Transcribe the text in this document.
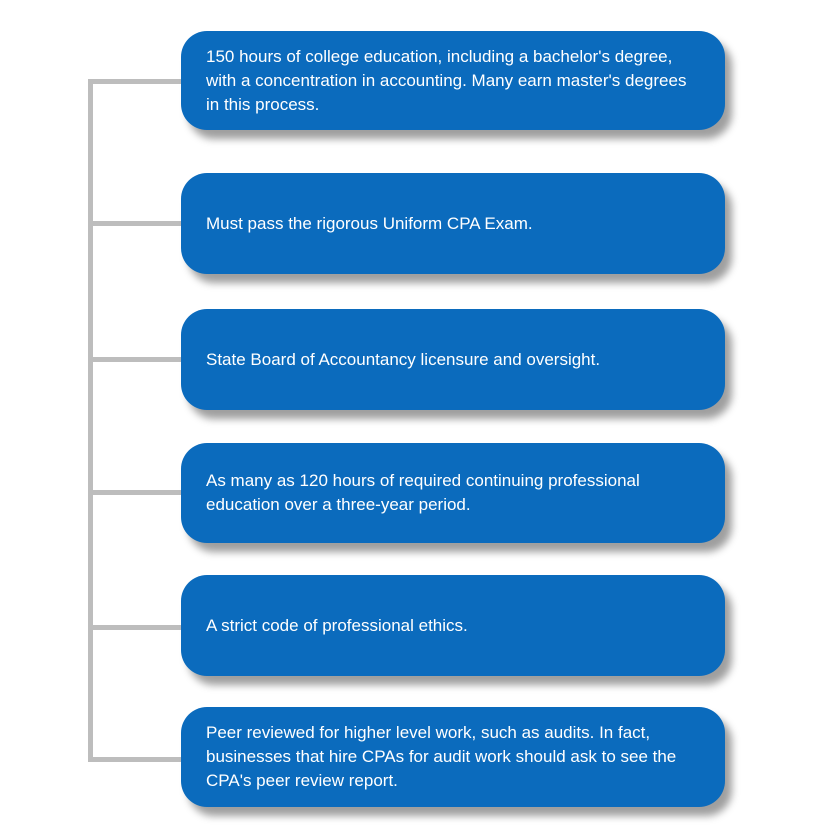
150 hours of college education, including a bachelor's degree, with a concentration in accounting. Many earn master's degrees in this process.
Must pass the rigorous Uniform CPA Exam.
State Board of Accountancy licensure and oversight.
As many as 120 hours of required continuing professional education over a three-year period.
A strict code of professional ethics.
Peer reviewed for higher level work, such as audits. In fact, businesses that hire CPAs for audit work should ask to see the CPA's peer review report.
